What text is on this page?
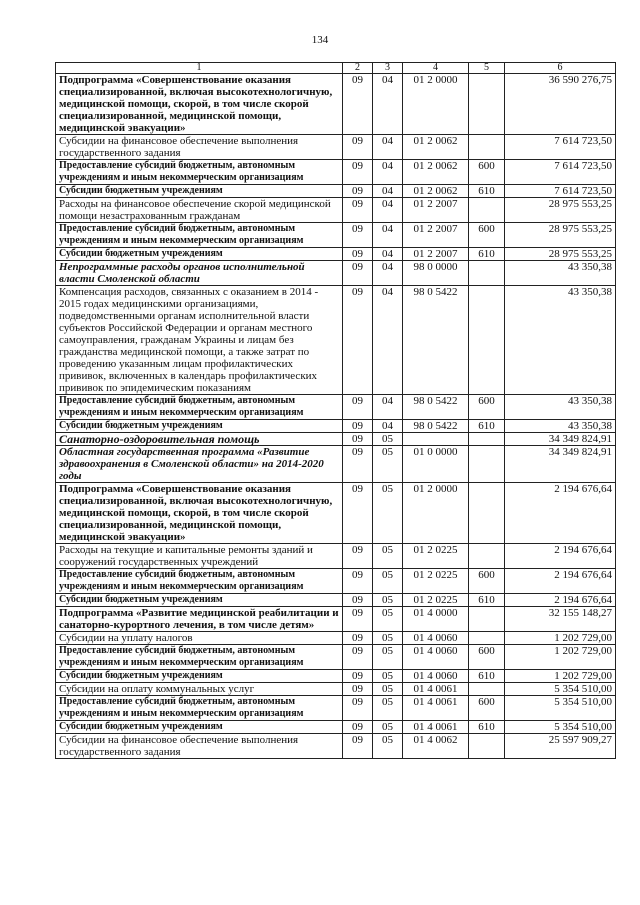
134
1	2	3	4	5	6
Подпрограмма «Совершенствование оказания специализированной, включая высокотехнологичную, медицинской помощи, скорой, в том числе скорой специализированной, медицинской помощи, медицинской эвакуации»	09	04	01 2 0000		36 590 276,75
Субсидии на финансовое обеспечение выполнения государственного задания	09	04	01 2 0062		7 614 723,50
Предоставление субсидий бюджетным, автономным учреждениям и иным некоммерческим организациям	09	04	01 2 0062	600	7 614 723,50
Субсидии бюджетным учреждениям	09	04	01 2 0062	610	7 614 723,50
Расходы на финансовое обеспечение скорой медицинской помощи незастрахованным гражданам	09	04	01 2 2007		28 975 553,25
Предоставление субсидий бюджетным, автономным учреждениям и иным некоммерческим организациям	09	04	01 2 2007	600	28 975 553,25
Субсидии бюджетным учреждениям	09	04	01 2 2007	610	28 975 553,25
Непрограммные расходы органов исполнительной власти Смоленской области	09	04	98 0 0000		43 350,38
Компенсация расходов, связанных с оказанием в 2014 - 2015 годах медицинскими организациями, подведомственными органам исполнительной власти субъектов Российской Федерации и органам местного самоуправления, гражданам Украины и лицам без гражданства медицинской помощи, а также затрат по проведению указанным лицам профилактических прививок, включенных в календарь профилактических прививок по эпидемическим показаниям	09	04	98 0 5422		43 350,38
Предоставление субсидий бюджетным, автономным учреждениям и иным некоммерческим организациям	09	04	98 0 5422	600	43 350,38
Субсидии бюджетным учреждениям	09	04	98 0 5422	610	43 350,38
Санаторно-оздоровительная помощь	09	05			34 349 824,91
Областная государственная программа «Развитие здравоохранения в Смоленской области» на 2014-2020 годы	09	05	01 0 0000		34 349 824,91
Подпрограмма «Совершенствование оказания специализированной, включая высокотехнологичную, медицинской помощи, скорой, в том числе скорой специализированной, медицинской помощи, медицинской эвакуации»	09	05	01 2 0000		2 194 676,64
Расходы на текущие и капитальные ремонты зданий и сооружений государственных учреждений	09	05	01 2 0225		2 194 676,64
Предоставление субсидий бюджетным, автономным учреждениям и иным некоммерческим организациям	09	05	01 2 0225	600	2 194 676,64
Субсидии бюджетным учреждениям	09	05	01 2 0225	610	2 194 676,64
Подпрограмма «Развитие медицинской реабилитации и санаторно-курортного лечения, в том числе детям»	09	05	01 4 0000		32 155 148,27
Субсидии на уплату налогов	09	05	01 4 0060		1 202 729,00
Предоставление субсидий бюджетным, автономным учреждениям и иным некоммерческим организациям	09	05	01 4 0060	600	1 202 729,00
Субсидии бюджетным учреждениям	09	05	01 4 0060	610	1 202 729,00
Субсидии на оплату коммунальных услуг	09	05	01 4 0061		5 354 510,00
Предоставление субсидий бюджетным, автономным учреждениям и иным некоммерческим организациям	09	05	01 4 0061	600	5 354 510,00
Субсидии бюджетным учреждениям	09	05	01 4 0061	610	5 354 510,00
Субсидии на финансовое обеспечение выполнения государственного задания	09	05	01 4 0062		25 597 909,27
